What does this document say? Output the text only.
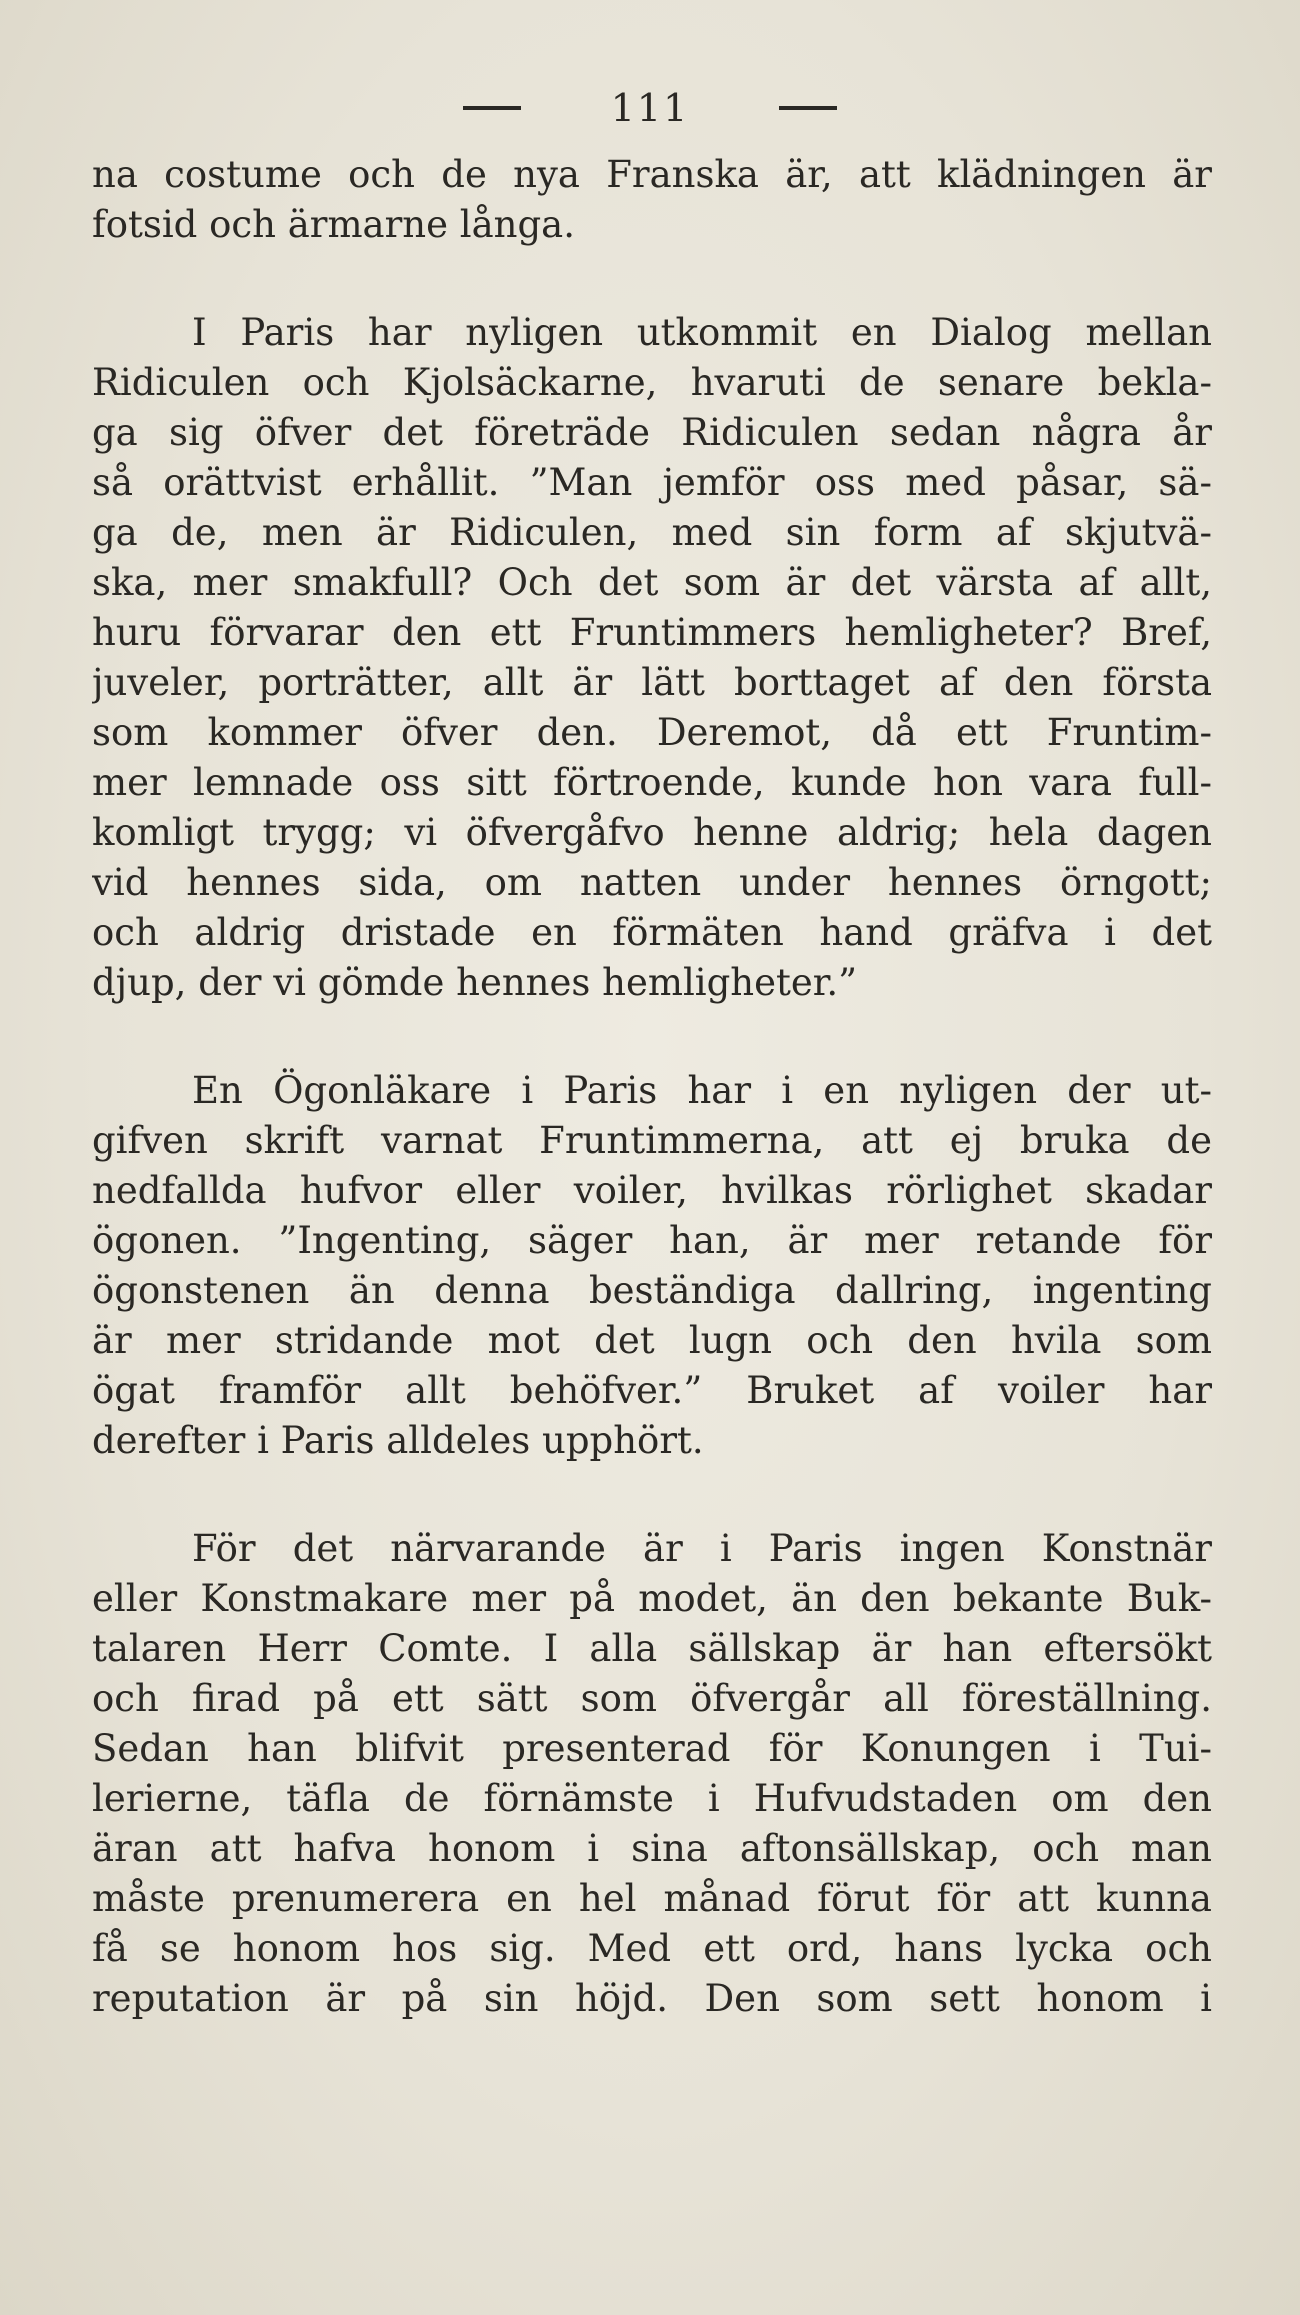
111
na costume och de nya Franska är, att klädningen är
fotsid och ärmarne långa.
I Paris har nyligen utkommit en Dialog mellan
Ridiculen och Kjolsäckarne, hvaruti de senare bekla-
ga sig öfver det företräde Ridiculen sedan några år
så orättvist erhållit. ”Man jemför oss med påsar, sä-
ga de, men är Ridiculen, med sin form af skjutvä-
ska, mer smakfull? Och det som är det värsta af allt,
huru förvarar den ett Fruntimmers hemligheter? Bref,
juveler, porträtter, allt är lätt borttaget af den första
som kommer öfver den. Deremot, då ett Fruntim-
mer lemnade oss sitt förtroende, kunde hon vara full-
komligt trygg; vi öfvergåfvo henne aldrig; hela dagen
vid hennes sida, om natten under hennes örngott;
och aldrig dristade en förmäten hand gräfva i det
djup, der vi gömde hennes hemligheter.”
En Ögonläkare i Paris har i en nyligen der ut-
gifven skrift varnat Fruntimmerna, att ej bruka de
nedfallda hufvor eller voiler, hvilkas rörlighet skadar
ögonen. ”Ingenting, säger han, är mer retande för
ögonstenen än denna beständiga dallring, ingenting
är mer stridande mot det lugn och den hvila som
ögat framför allt behöfver.” Bruket af voiler har
derefter i Paris alldeles upphört.
För det närvarande är i Paris ingen Konstnär
eller Konstmakare mer på modet, än den bekante Buk-
talaren Herr Comte. I alla sällskap är han eftersökt
och firad på ett sätt som öfvergår all föreställning.
Sedan han blifvit presenterad för Konungen i Tui-
lerierne, täfla de förnämste i Hufvudstaden om den
äran att hafva honom i sina aftonsällskap, och man
måste prenumerera en hel månad förut för att kunna
få se honom hos sig. Med ett ord, hans lycka och
reputation är på sin höjd. Den som sett honom i
